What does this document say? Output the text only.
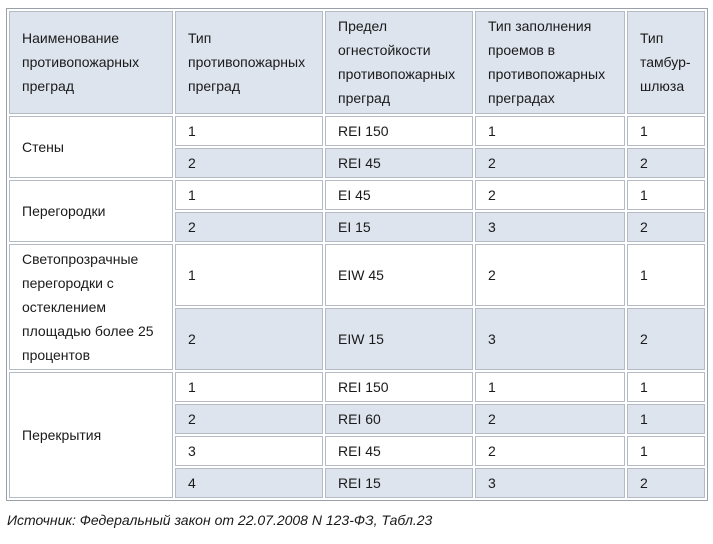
Наименование противопожарных преград	Тип противопожарных преград	Предел огнестойкости противопожарных преград	Тип заполнения проемов в противопожарных преградах	Тип тамбур-шлюза
Стены	1	REI 150	1	1
	2	REI 45	2	2
Перегородки	1	EI 45	2	1
	2	EI 15	3	2
Светопрозрачные перегородки с остеклением площадью более 25 процентов	1	EIW 45	2	1
	2	EIW 15	3	2
Перекрытия	1	REI 150	1	1
	2	REI 60	2	1
	3	REI 45	2	1
	4	REI 15	3	2
Источник: Федеральный закон от 22.07.2008 N 123-ФЗ, Табл.23
